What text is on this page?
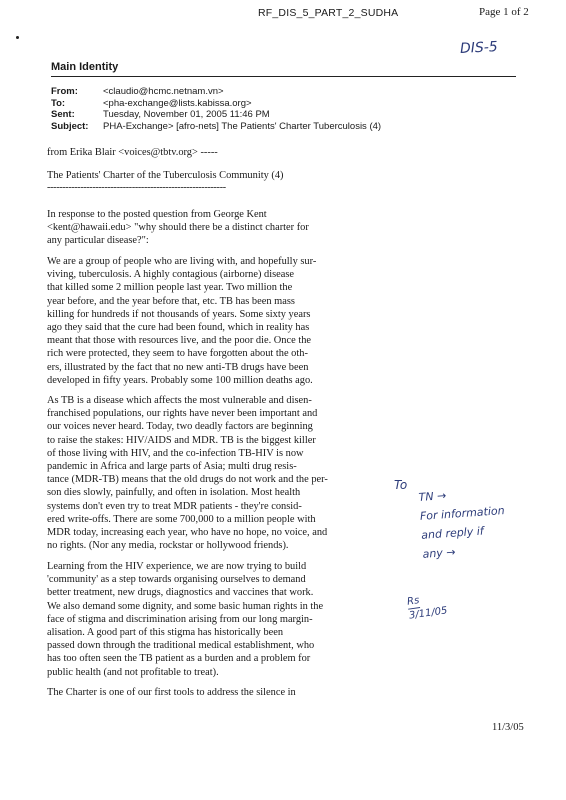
RF_DIS_5_PART_2_SUDHA	Page 1 of 2
DIS-5
Main Identity
From:	<claudio@hcmc.netnam.vn>
To:	<pha-exchange@lists.kabissa.org>
Sent:	Tuesday, November 01, 2005 11:46 PM
Subject:	PHA-Exchange> [afro-nets] The Patients' Charter Tuberculosis (4)
from Erika Blair <voices@tbtv.org> -----
The Patients' Charter of the Tuberculosis Community (4)
-----------------------------------------------------------

In response to the posted question from George Kent

<kent@hawaii.edu> "why should there be a distinct charter for

any particular disease?":

We are a group of people who are living with, and hopefully sur-

viving, tuberculosis. A highly contagious (airborne) disease

that killed some 2 million people last year. Two million the

year before, and the year before that, etc. TB has been mass

killing for hundreds if not thousands of years. Some sixty years

ago they said that the cure had been found, which in reality has

meant that those with resources live, and the poor die. Once the

rich were protected, they seem to have forgotten about the oth-

ers, illustrated by the fact that no new anti-TB drugs have been

developed in fifty years. Probably some 100 million deaths ago.

As TB is a disease which affects the most vulnerable and disen-

franchised populations, our rights have never been important and

our voices never heard. Today, two deadly factors are beginning

to raise the stakes: HIV/AIDS and MDR. TB is the biggest killer

of those living with HIV, and the co-infection TB-HIV is now

pandemic in Africa and large parts of Asia; multi drug resis-

tance (MDR-TB) means that the old drugs do not work and the per-

son dies slowly, painfully, and often in isolation. Most health

systems don't even try to treat MDR patients - they're consid-

ered write-offs. There are some 700,000 to a million people with

MDR today, increasing each year, who have no hope, no voice, and

no rights. (Nor any media, rockstar or hollywood friends).

Learning from the HIV experience, we are now trying to build

'community' as a step towards organising ourselves to demand

better treatment, new drugs, diagnostics and vaccines that work.

We also demand some dignity, and some basic human rights in the

face of stigma and discrimination arising from our long margin-

alisation. A good part of this stigma has historically been

passed down through the traditional medical establishment, who

has too often seen the TB patient as a burden and a problem for

public health (and not profitable to treat).

The Charter is one of our first tools to address the silence in

To
TN →
For information
and reply if
any →
Rs
3/11/05
11/3/05
